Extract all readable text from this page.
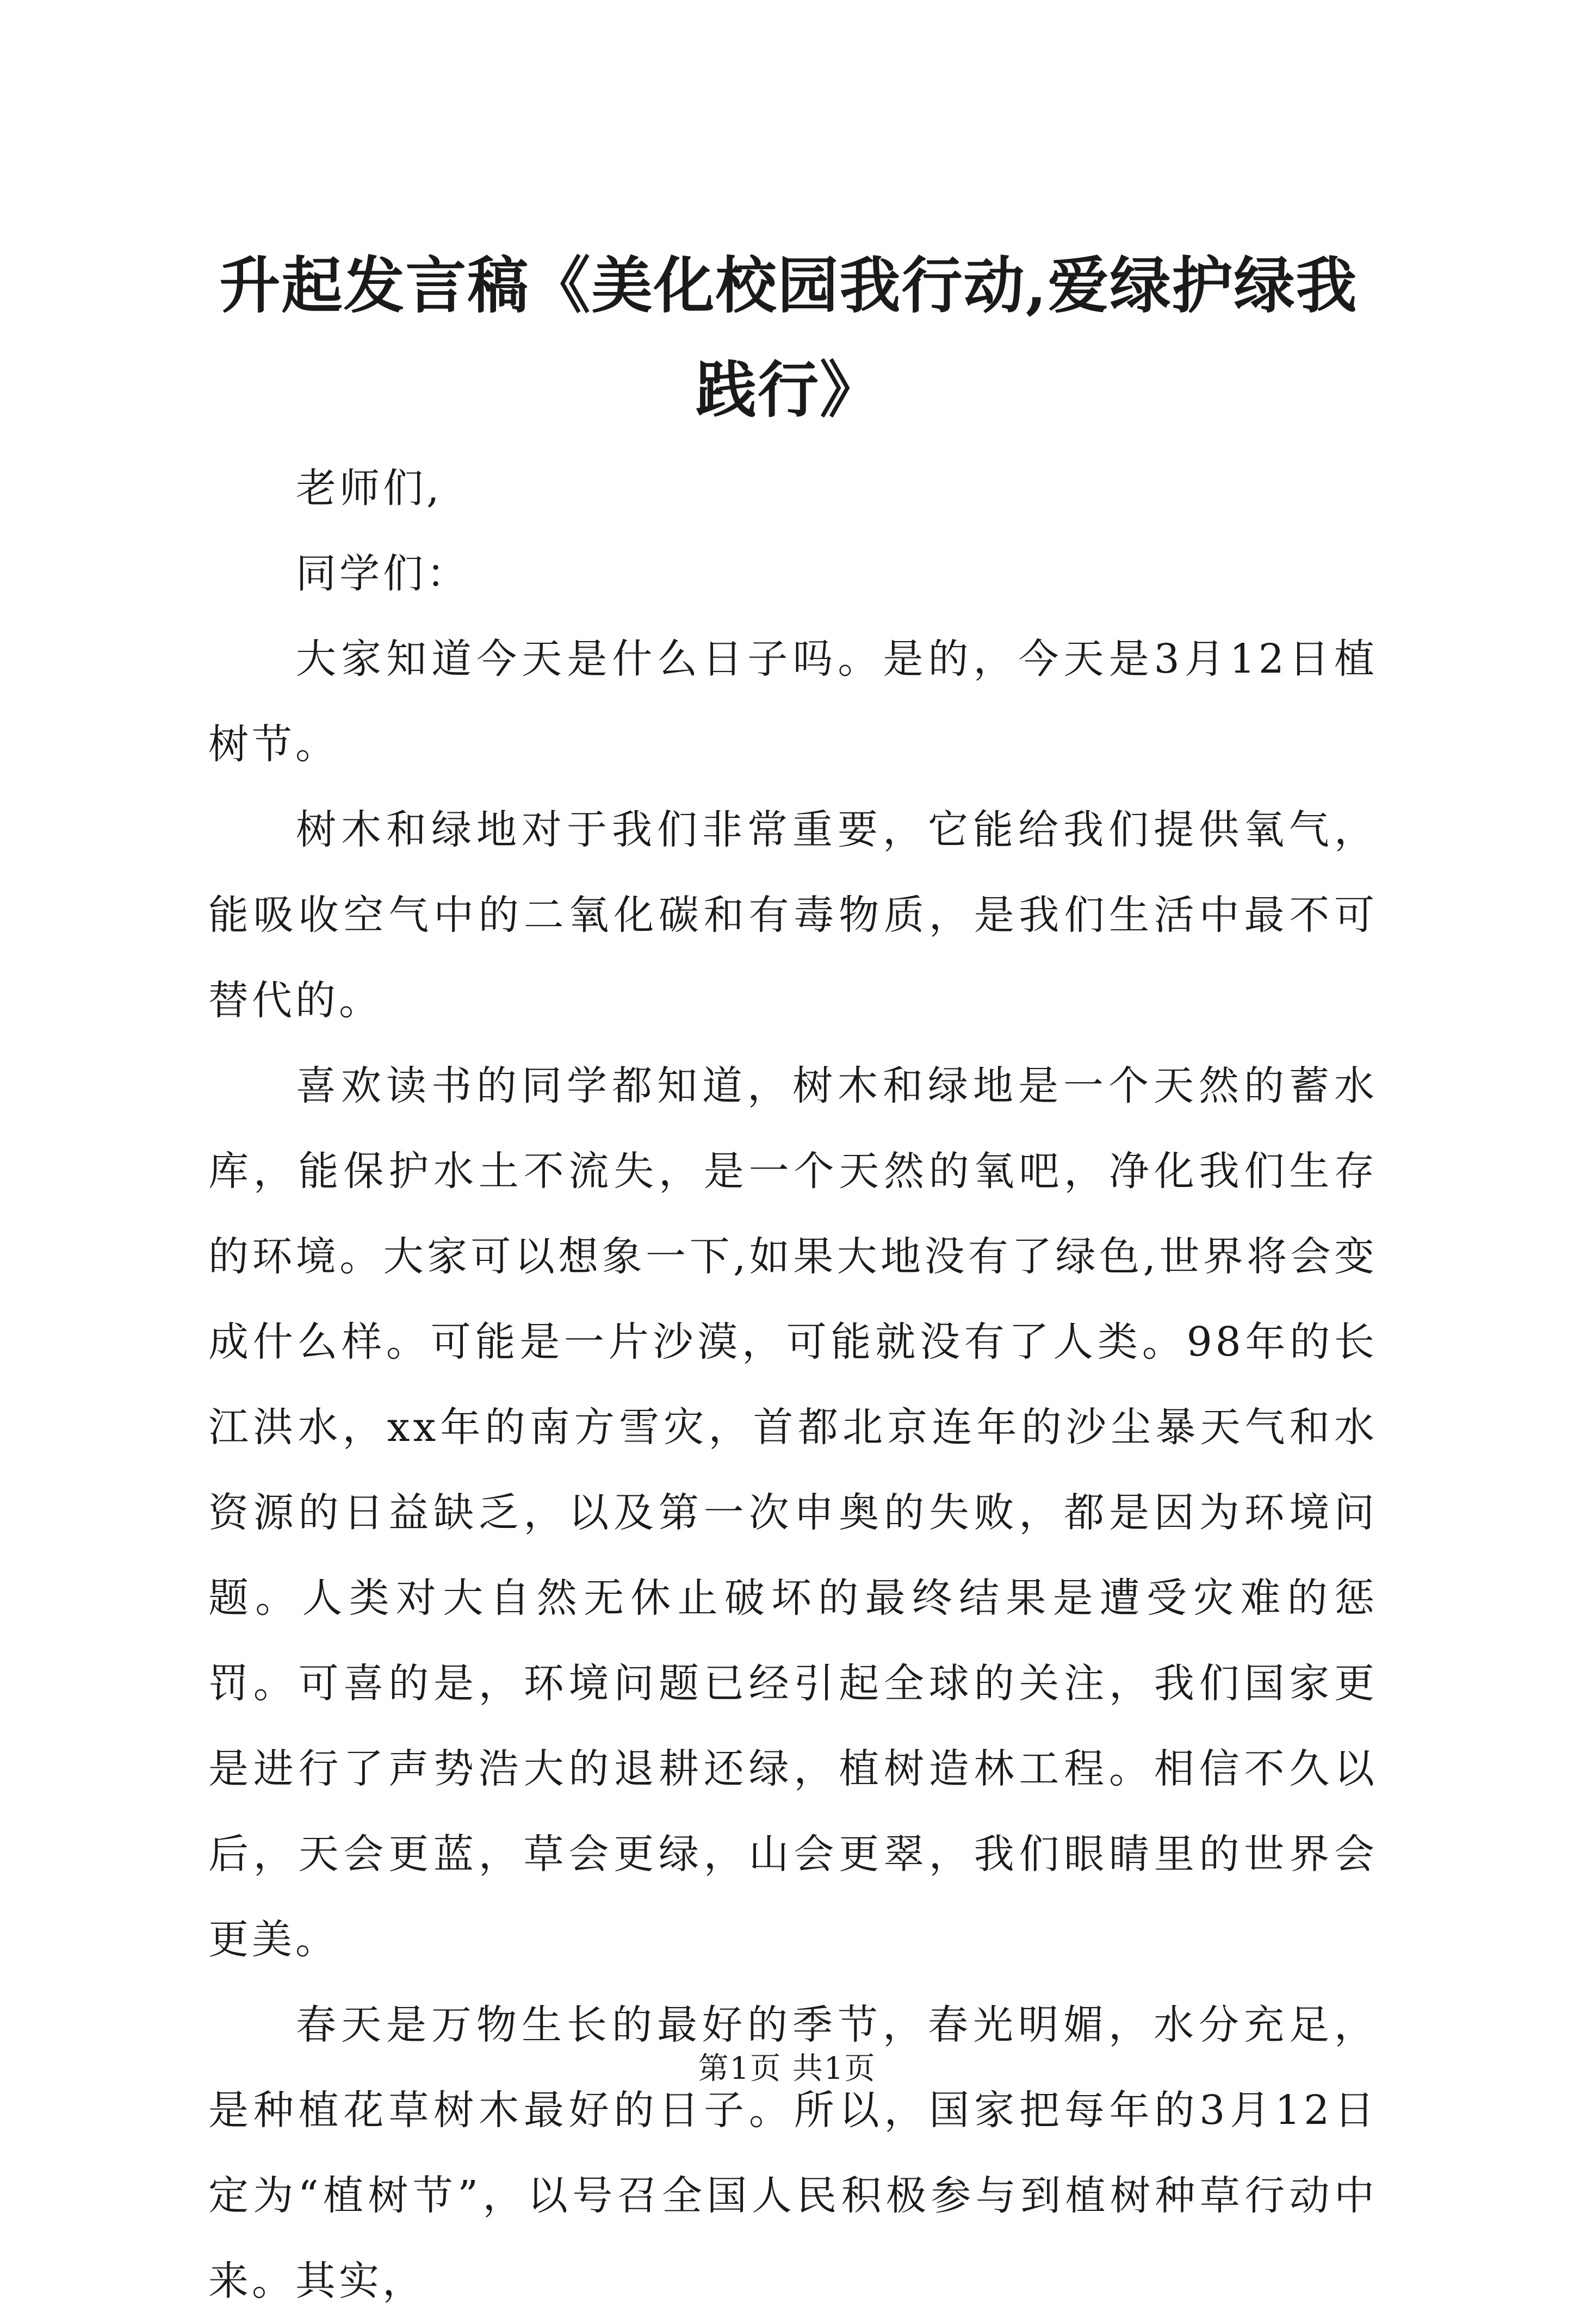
升起发言稿《美化校园我行动,爱绿护绿我践行》

老师们,

同学们：

大家知道今天是什么日子吗。是的，今天是3月12日植树节。

树木和绿地对于我们非常重要，它能给我们提供氧气，能吸收空气中的二氧化碳和有毒物质，是我们生活中最不可替代的。

喜欢读书的同学都知道，树木和绿地是一个天然的蓄水库，能保护水土不流失，是一个天然的氧吧，净化我们生存的环境。大家可以想象一下,如果大地没有了绿色,世界将会变成什么样。可能是一片沙漠，可能就没有了人类。98年的长江洪水，xx年的南方雪灾，首都北京连年的沙尘暴天气和水资源的日益缺乏，以及第一次申奥的失败，都是因为环境问题。人类对大自然无休止破坏的最终结果是遭受灾难的惩罚。可喜的是，环境问题已经引起全球的关注，我们国家更是进行了声势浩大的退耕还绿，植树造林工程。相信不久以后，天会更蓝，草会更绿，山会更翠，我们眼睛里的世界会更美。

春天是万物生长的最好的季节，春光明媚，水分充足，是种植花草树木最好的日子。所以，国家把每年的3月12日定为“植树节”，以号召全国人民积极参与到植树种草行动中来。其实，

第1页 共1页
